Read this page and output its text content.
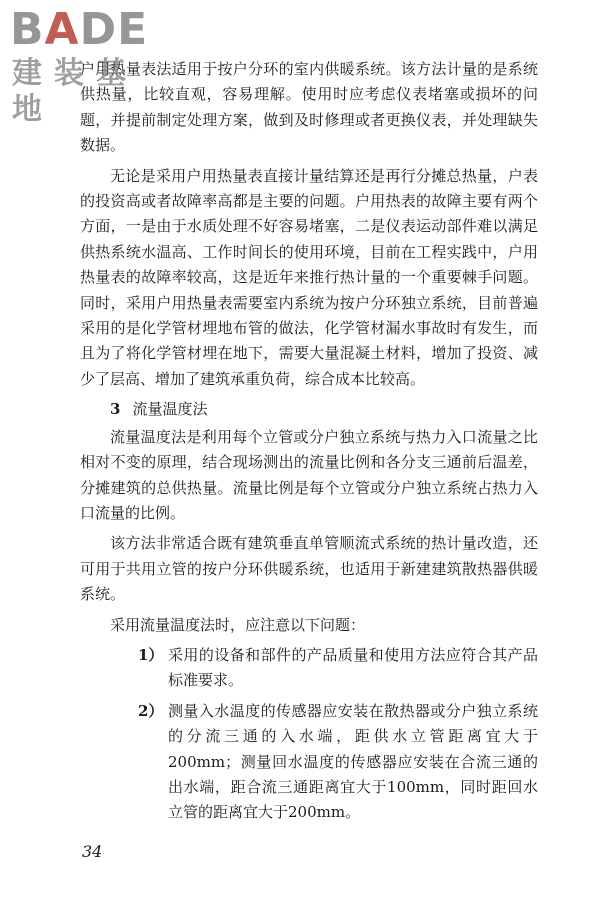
BADE
建装基地

户用热量表法适用于按户分环的室内供暖系统。该方法计量的是系统供热量，比较直观，容易理解。使用时应考虑仪表堵塞或损坏的问题，并提前制定处理方案，做到及时修理或者更换仪表，并处理缺失数据。

无论是采用户用热量表直接计量结算还是再行分摊总热量，户表的投资高或者故障率高都是主要的问题。户用热表的故障主要有两个方面，一是由于水质处理不好容易堵塞，二是仪表运动部件难以满足供热系统水温高、工作时间长的使用环境，目前在工程实践中，户用热量表的故障率较高，这是近年来推行热计量的一个重要棘手问题。同时，采用户用热量表需要室内系统为按户分环独立系统，目前普遍采用的是化学管材埋地布管的做法，化学管材漏水事故时有发生，而且为了将化学管材埋在地下，需要大量混凝土材料，增加了投资、减少了层高、增加了建筑承重负荷，综合成本比较高。

3 流量温度法

流量温度法是利用每个立管或分户独立系统与热力入口流量之比相对不变的原理，结合现场测出的流量比例和各分支三通前后温差，分摊建筑的总供热量。流量比例是每个立管或分户独立系统占热力入口流量的比例。

该方法非常适合既有建筑垂直单管顺流式系统的热计量改造，还可用于共用立管的按户分环供暖系统，也适用于新建建筑散热器供暖系统。

采用流量温度法时，应注意以下问题：

1） 采用的设备和部件的产品质量和使用方法应符合其产品标准要求。
2） 测量入水温度的传感器应安装在散热器或分户独立系统的分流三通的入水端，距供水立管距离宜大于200mm；测量回水温度的传感器应安装在合流三通的出水端，距合流三通距离宜大于100mm，同时距回水立管的距离宜大于200mm。
34
